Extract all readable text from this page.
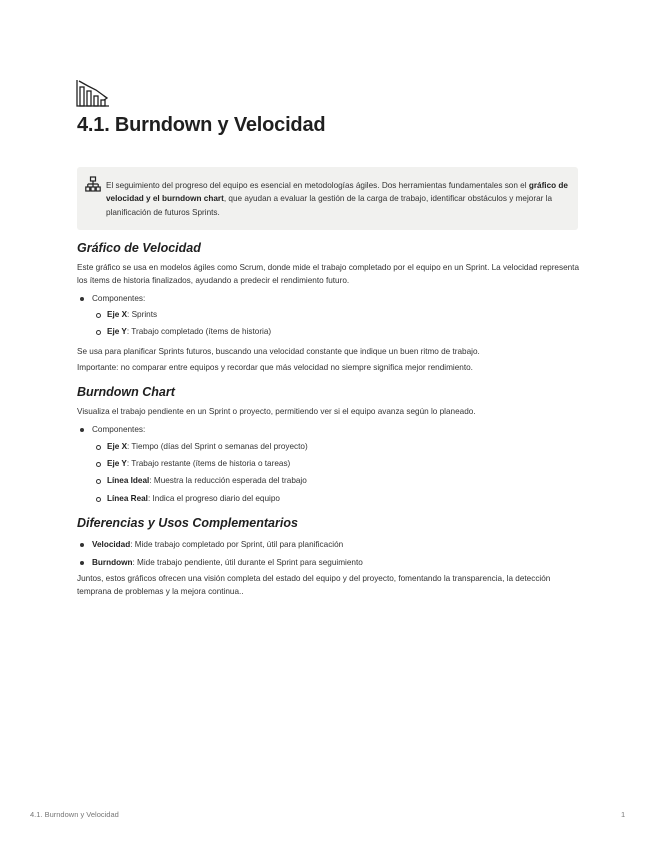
4.1. Burndown y Velocidad

El seguimiento del progreso del equipo es esencial en metodologías ágiles. Dos herramientas fundamentales son el gráfico de velocidad y el burndown chart, que ayudan a evaluar la gestión de la carga de trabajo, identificar obstáculos y mejorar la planificación de futuros Sprints.

Gráfico de Velocidad

Este gráfico se usa en modelos ágiles como Scrum, donde mide el trabajo completado por el equipo en un Sprint. La velocidad representa los ítems de historia finalizados, ayudando a predecir el rendimiento futuro.

Componentes:
Eje X: Sprints
Eje Y: Trabajo completado (ítems de historia)

Se usa para planificar Sprints futuros, buscando una velocidad constante que indique un buen ritmo de trabajo.

Importante: no comparar entre equipos y recordar que más velocidad no siempre significa mejor rendimiento.

Burndown Chart

Visualiza el trabajo pendiente en un Sprint o proyecto, permitiendo ver si el equipo avanza según lo planeado.

Componentes:
Eje X: Tiempo (días del Sprint o semanas del proyecto)
Eje Y: Trabajo restante (ítems de historia o tareas)
Línea Ideal: Muestra la reducción esperada del trabajo
Línea Real: Indica el progreso diario del equipo
Diferencias y Usos Complementarios
Velocidad: Mide trabajo completado por Sprint, útil para planificación
Burndown: Mide trabajo pendiente, útil durante el Sprint para seguimiento

Juntos, estos gráficos ofrecen una visión completa del estado del equipo y del proyecto, fomentando la transparencia, la detección temprana de problemas y la mejora continua..

4.1. Burndown y Velocidad	1
